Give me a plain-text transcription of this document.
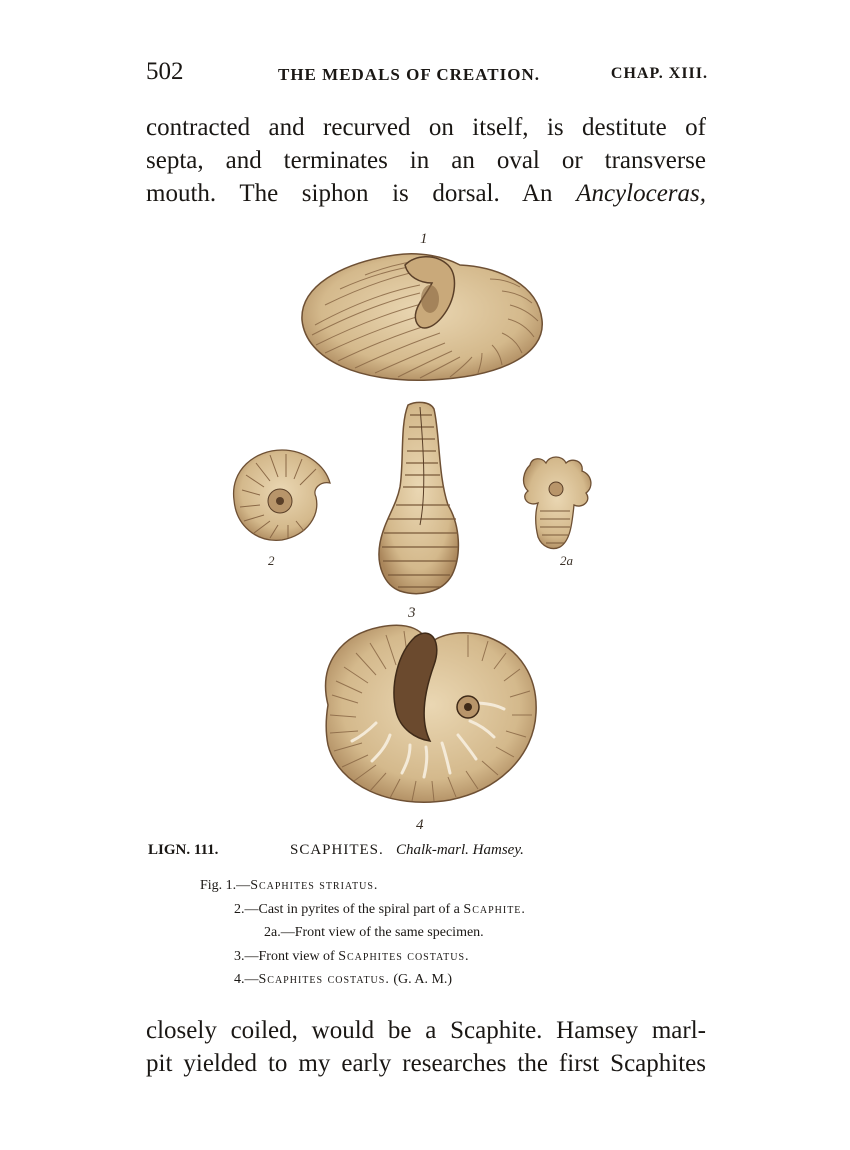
502	THE MEDALS OF CREATION.	CHAP. XIII.
contracted and recurved on itself, is destitute of
septa, and terminates in an oval or transverse
mouth. The siphon is dorsal. An Ancyloceras,
1
2
3
2a
4
LIGN. 111.	SCAPHITES. Chalk-marl. Hamsey.
Fig. 1.—Scaphites striatus.
2.—Cast in pyrites of the spiral part of a Scaphite.
2a.—Front view of the same specimen.
3.—Front view of Scaphites costatus.
4.—Scaphites costatus. (G. A. M.)
closely coiled, would be a Scaphite. Hamsey marl-
pit yielded to my early researches the first Scaphites
